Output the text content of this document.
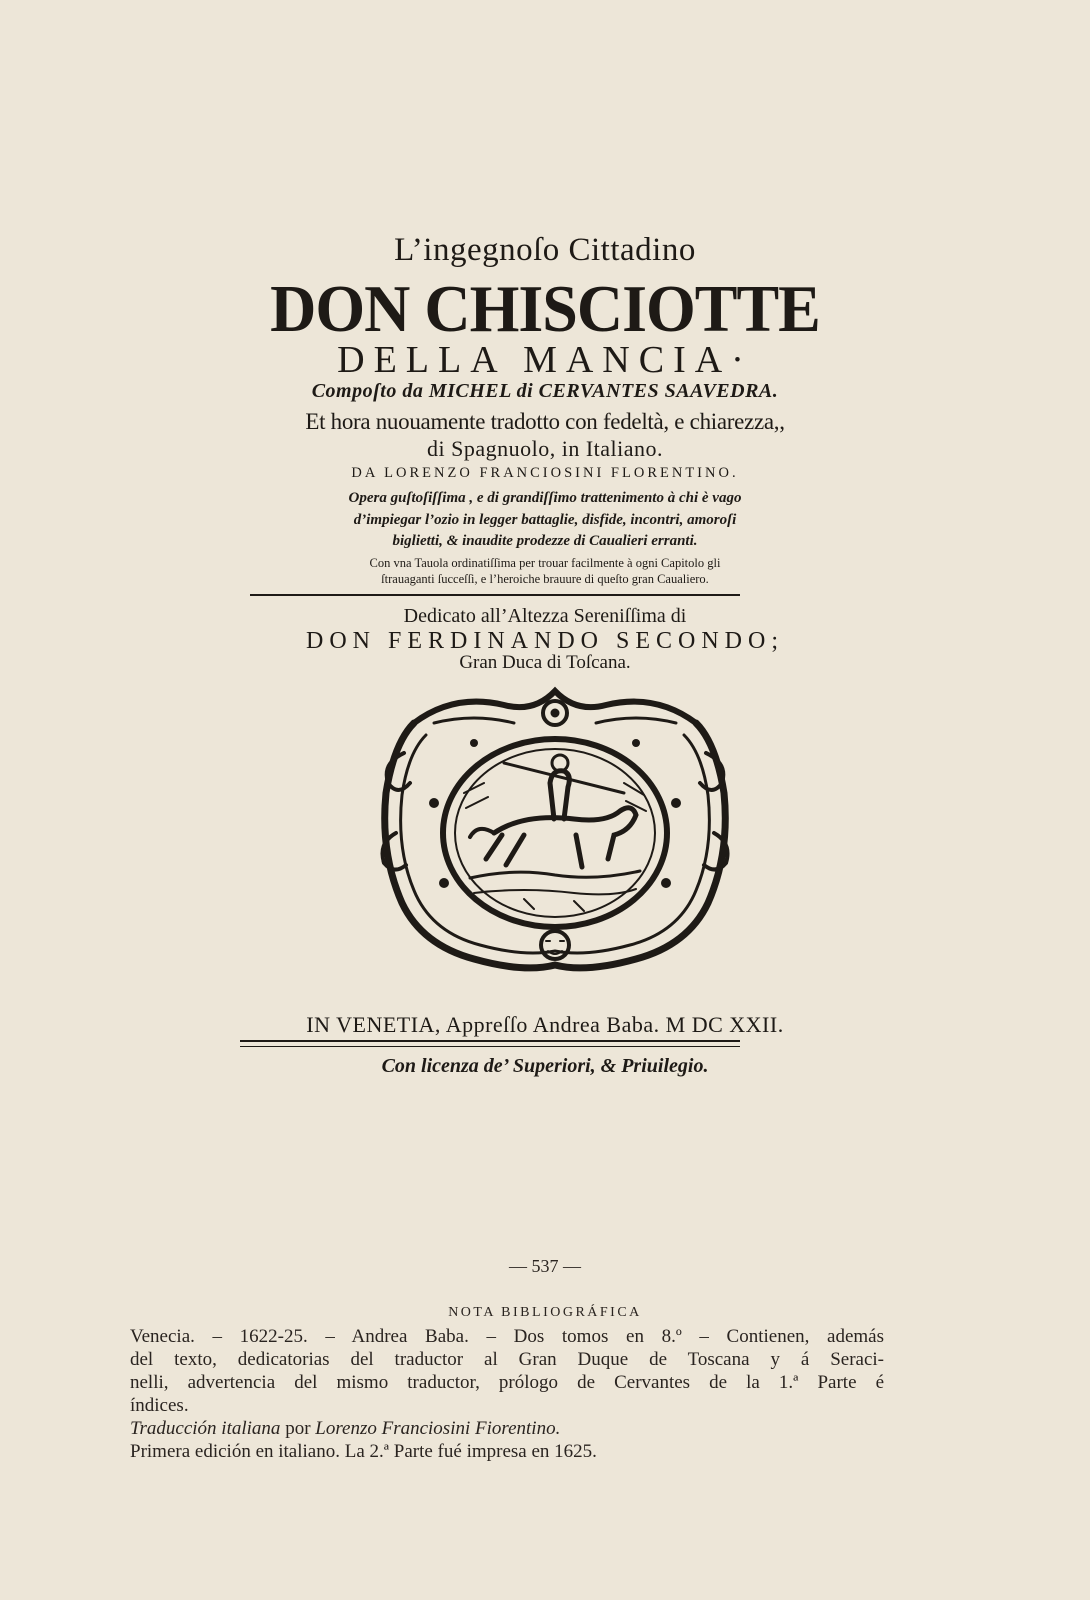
L’ingegnoſo Cittadino
DON CHISCIOTTE
DELLA MANCIA·
Compoſto da MICHEL di CERVANTES SAAVEDRA.
Et hora nuouamente tradotto con fedeltà, e chiarezza,,
di Spagnuolo, in Italiano.
DA LORENZO FRANCIOSINI FLORENTINO.
Opera guſtoſiſſima , e di grandiſſimo trattenimento à chi è vago
d’impiegar l’ozio in legger battaglie, disfide, incontri, amoroſi
biglietti, & inaudite prodezze di Caualieri erranti.
Con vna Tauola ordinatiſſima per trouar facilmente à ogni Capitolo gli
ſtrauaganti ſucceſſi, e l’heroiche brauure di queſto gran Caualiero.
Dedicato all’Altezza Sereniſſima di
DON FERDINANDO SECONDO;
Gran Duca di Toſcana.
IN VENETIA, Appreſſo Andrea Baba. M DC XXII.
Con licenza de’ Superiori, & Priuilegio.
— 537 —
NOTA BIBLIOGRÁFICA

Venecia. – 1622-25. – Andrea Baba. – Dos tomos en 8.º – Contienen, además

del texto, dedicatorias del traductor al Gran Duque de Toscana y á Seraci-

nelli, advertencia del mismo traductor, prólogo de Cervantes de la 1.ª Parte é

índices.

Traducción italiana por Lorenzo Franciosini Fiorentino.

Primera edición en italiano. La 2.ª Parte fué impresa en 1625.
